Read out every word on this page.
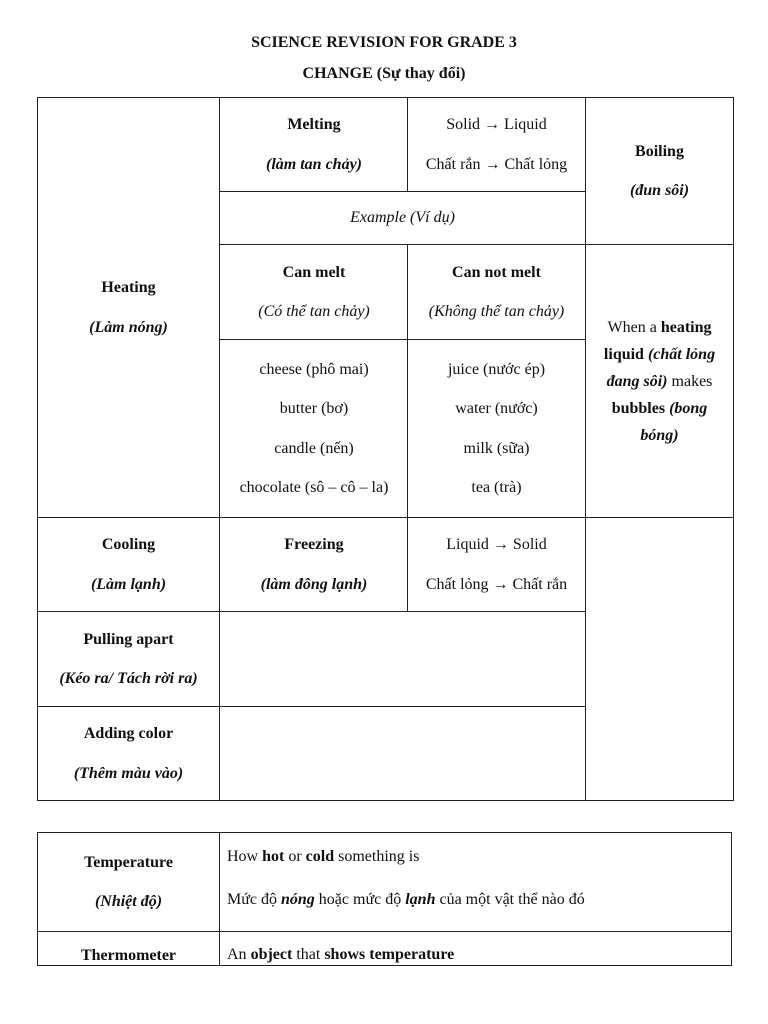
SCIENCE REVISION FOR GRADE 3
CHANGE (Sự thay đổi)
Heating
(Làm nóng)
Melting
(làm tan chảy)
Solid → Liquid
Chất rắn → Chất lỏng
Example (Ví dụ)
Boiling
(đun sôi)
Can melt
(Có thể tan chảy)
Can not melt
(Không thể tan chảy)
cheese (phô mai)
butter (bơ)
candle (nến)
chocolate (sô – cô – la)
juice (nước ép)
water (nước)
milk (sữa)
tea (trà)
When a heating liquid (chất lỏng đang sôi) makes bubbles (bong bóng)
Cooling
(Làm lạnh)
Freezing
(làm đông lạnh)
Liquid → Solid
Chất lỏng → Chất rắn
Pulling apart
(Kéo ra/ Tách rời ra)
Adding color
(Thêm màu vào)
Temperature
(Nhiệt độ)
How hot or cold something is
Mức độ nóng hoặc mức độ lạnh của một vật thể nào đó
Thermometer	An object that shows temperature
